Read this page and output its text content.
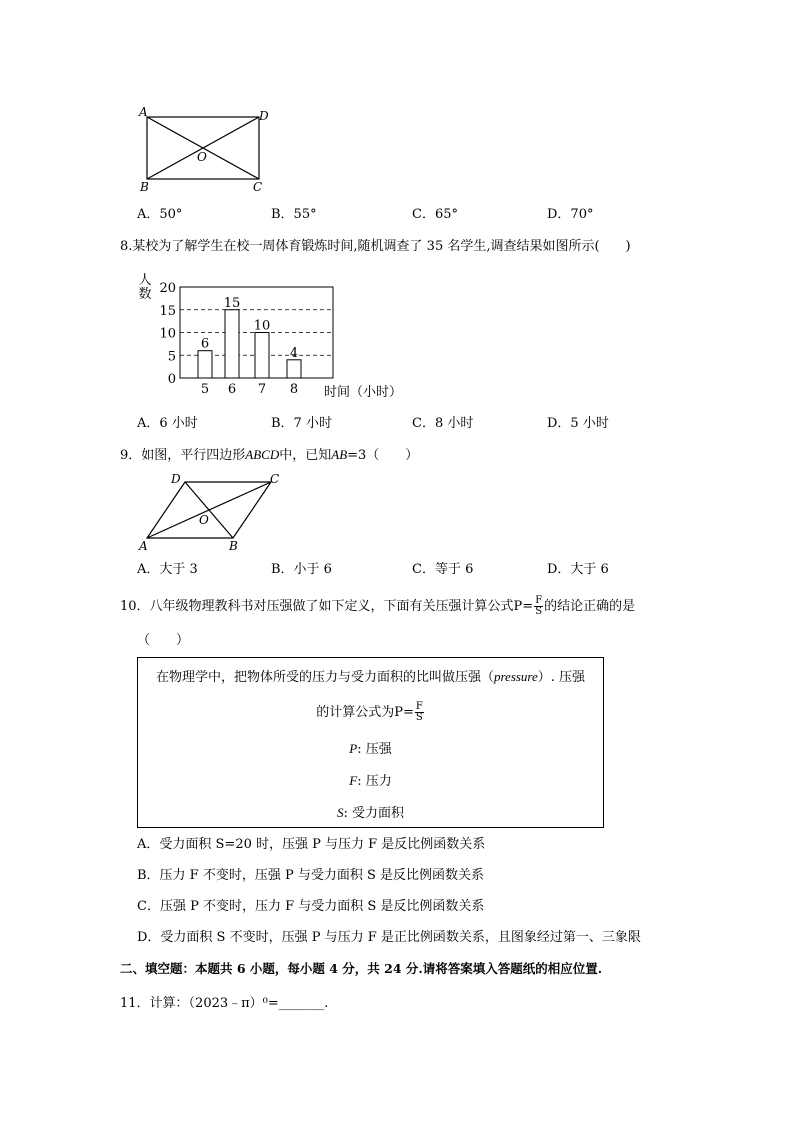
A	D
O
B	C
A．50°	B．55°	C．65°	D．70°
8.某校为了解学生在校一周体育锻炼时间,随机调查了 35 名学生,调查结果如图所示(　　)
0
5
10
15
20
人
数
6
5
15
6
10
7
4
8 时间（小时）
A．6 小时	B．7 小时	C．8 小时	D．5 小时
9．如图，平行四边形ABCD中，已知AB=3（　　）
D	C
O
A	B
A．大于 3	B．小于 6	C．等于 6	D．大于 6
10．八年级物理教科书对压强做了如下定义，下面有关压强计算公式$P= \frac{F}{S}$ 的结论正确的是
（　　）
在物理学中，把物体所受的压力与受力面积的比叫做压强（pressure）. 压强
的计算公式为$P= \frac{F}{S}$
P: 压强
F: 压力
S: 受力面积
A．受力面积 S=20 时，压强 P 与压力 F 是反比例函数关系
B．压力 F 不变时，压强 P 与受力面积 S 是反比例函数关系
C．压强 P 不变时，压力 F 与受力面积 S 是反比例函数关系
D．受力面积 S 不变时，压强 P 与压力 F 是正比例函数关系，且图象经过第一、三象限
二、填空题：本题共 6 小题，每小题 4 分，共 24 分.请将答案填入答题纸的相应位置.
11．计算：（2023﹣π）⁰=_______.
